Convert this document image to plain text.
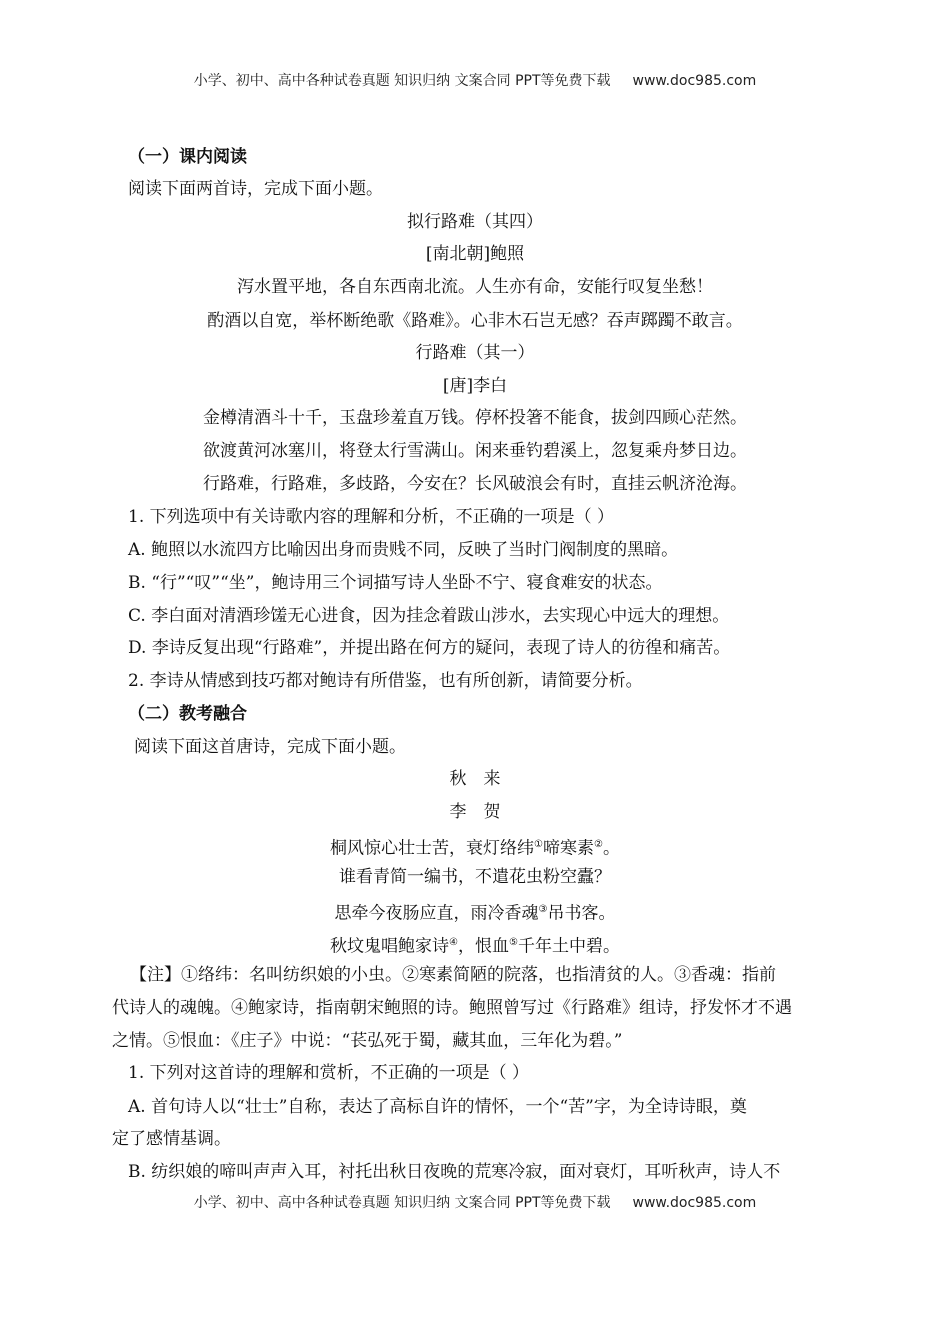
小学、初中、高中各种试卷真题 知识归纳 文案合同 PPT等免费下载 www.doc985.com
（一）课内阅读
阅读下面两首诗，完成下面小题。
拟行路难（其四）
[南北朝]鲍照
泻水置平地，各自东西南北流。人生亦有命，安能行叹复坐愁！
酌酒以自宽，举杯断绝歌《路难》。心非木石岂无感？吞声踯躅不敢言。
行路难（其一）
[唐]李白
金樽清酒斗十千，玉盘珍羞直万钱。停杯投箸不能食，拔剑四顾心茫然。
欲渡黄河冰塞川，将登太行雪满山。闲来垂钓碧溪上，忽复乘舟梦日边。
行路难，行路难，多歧路，今安在？长风破浪会有时，直挂云帆济沧海。
1. 下列选项中有关诗歌内容的理解和分析，不正确的一项是（ ）
A. 鲍照以水流四方比喻因出身而贵贱不同，反映了当时门阀制度的黑暗。
B. “行”“叹”“坐”，鲍诗用三个词描写诗人坐卧不宁、寝食难安的状态。
C. 李白面对清酒珍馐无心进食，因为挂念着跋山涉水，去实现心中远大的理想。
D. 李诗反复出现“行路难”，并提出路在何方的疑问，表现了诗人的彷徨和痛苦。
2. 李诗从情感到技巧都对鲍诗有所借鉴，也有所创新，请简要分析。
（二）教考融合
阅读下面这首唐诗，完成下面小题。
秋　来
李　贺
桐风惊心壮士苦，衰灯络纬①啼寒素②。
谁看青简一编书，不遣花虫粉空蠹？
思牵今夜肠应直，雨冷香魂③吊书客。
秋坟鬼唱鲍家诗④，恨血⑤千年土中碧。
【注】①络纬：名叫纺织娘的小虫。②寒素简陋的院落，也指清贫的人。③香魂：指前
代诗人的魂魄。④鲍家诗，指南朝宋鲍照的诗。鲍照曾写过《行路难》组诗，抒发怀才不遇
之情。⑤恨血：《庄子》中说：“苌弘死于蜀，藏其血，三年化为碧。”
1. 下列对这首诗的理解和赏析，不正确的一项是（ ）
A. 首句诗人以“壮士”自称，表达了高标自许的情怀，一个“苦”字，为全诗诗眼，奠
定了感情基调。
B. 纺织娘的啼叫声声入耳，衬托出秋日夜晚的荒寒冷寂，面对衰灯，耳听秋声，诗人不
小学、初中、高中各种试卷真题 知识归纳 文案合同 PPT等免费下载 www.doc985.com
